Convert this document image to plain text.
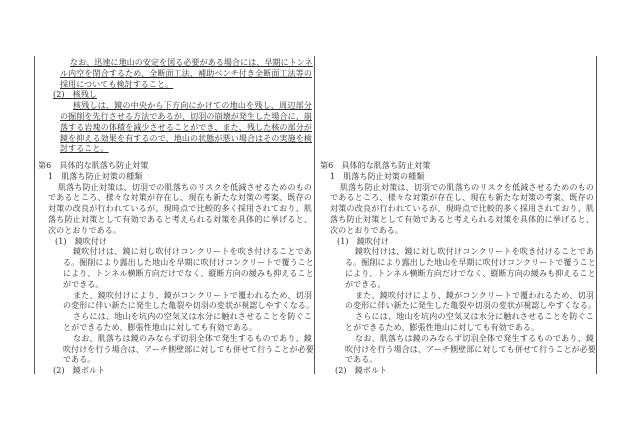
なお、迅速に地山の安定を図る必要がある場合には、早期にトンネ
ル内空を閉合するため、全断面工法、補助ベンチ付き全断面工法等の
採用についても検討すること。
(2)　核残し
核残しは、鏡の中央から下方向にかけての地山を残し、周辺部分
の掘削を先行させる方法であるが、切羽の崩壊が発生した場合に、崩
落する岩塊の体積を減少させることができ、また、残した核の部分が
鏡を抑える効果を有するので、地山の状態が悪い場合はその実施を検
討すること。
第6　具体的な肌落ち防止対策
1　肌落ち防止対策の種類
肌落ち防止対策は、切羽での肌落ちのリスクを低減させるためのもの
であるところ、様々な対策が存在し、現在も新たな対策の考案、既存の
対策の改良が行われているが、現時点で比較的多く採用されており、肌
落ち防止対策として有効であると考えられる対策を具体的に挙げると、
次のとおりである。
(1)　鏡吹付け
鏡吹付けは、鏡に対し吹付けコンクリートを吹き付けることであ
る。掘削により露出した地山を早期に吹付けコンクリートで覆うこと
により、トンネル横断方向だけでなく、縦断方向の緩みも抑えること
ができる。
また、鏡吹付けにより、鏡がコンクリートで覆われるため、切羽
の変形に伴い新たに発生した亀裂や切羽の変状が視認しやすくなる。
さらには、地山を坑内の空気又は水分に触れさせることを防ぐこ
とができるため、膨張性地山に対しても有効である。
なお、肌落ちは鏡のみならず切羽全体で発生するものであり、鏡
吹付けを行う場合は、アーチ側壁部に対しても併せて行うことが必要
である。
(2)　鏡ボルト
第6　具体的な肌落ち防止対策
1　肌落ち防止対策の種類
肌落ち防止対策は、切羽での肌落ちのリスクを低減させるためのもの
であるところ、様々な対策が存在し、現在も新たな対策の考案、既存の
対策の改良が行われているが、現時点で比較的多く採用されており、肌
落ち防止対策として有効であると考えられる対策を具体的に挙げると、
次のとおりである。
(1)　鏡吹付け
鏡吹付けは、鏡に対し吹付けコンクリートを吹き付けることであ
る。掘削により露出した地山を早期に吹付けコンクリートで覆うこと
により、トンネル横断方向だけでなく、縦断方向の緩みも抑えること
ができる。
また、鏡吹付けにより、鏡がコンクリートで覆われるため、切羽
の変形に伴い新たに発生した亀裂や切羽の変状が視認しやすくなる。
さらには、地山を坑内の空気又は水分に触れさせることを防ぐこ
とができるため、膨張性地山に対しても有効である。
なお、肌落ちは鏡のみならず切羽全体で発生するものであり、鏡
吹付けを行う場合は、アーチ側壁部に対しても併せて行うことが必要
である。
(2)　鏡ボルト
